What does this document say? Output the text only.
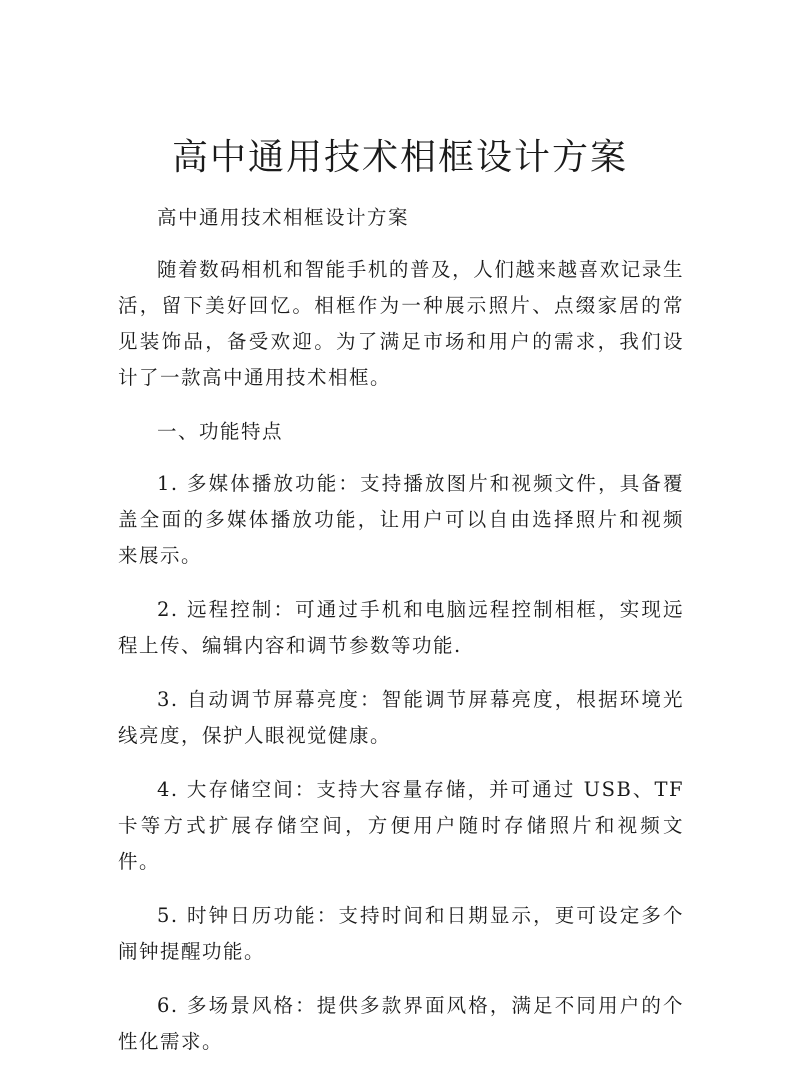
高中通用技术相框设计方案

高中通用技术相框设计方案

随着数码相机和智能手机的普及，人们越来越喜欢记录生活，留下美好回忆。相框作为一种展示照片、点缀家居的常见装饰品，备受欢迎。为了满足市场和用户的需求，我们设计了一款高中通用技术相框。

一、功能特点

1. 多媒体播放功能：支持播放图片和视频文件，具备覆盖全面的多媒体播放功能，让用户可以自由选择照片和视频来展示。

2. 远程控制：可通过手机和电脑远程控制相框，实现远程上传、编辑内容和调节参数等功能.

3. 自动调节屏幕亮度：智能调节屏幕亮度，根据环境光线亮度，保护人眼视觉健康。

4. 大存储空间：支持大容量存储，并可通过 USB、TF 卡等方式扩展存储空间，方便用户随时存储照片和视频文件。

5. 时钟日历功能：支持时间和日期显示，更可设定多个闹钟提醒功能。

6. 多场景风格：提供多款界面风格，满足不同用户的个性化需求。
